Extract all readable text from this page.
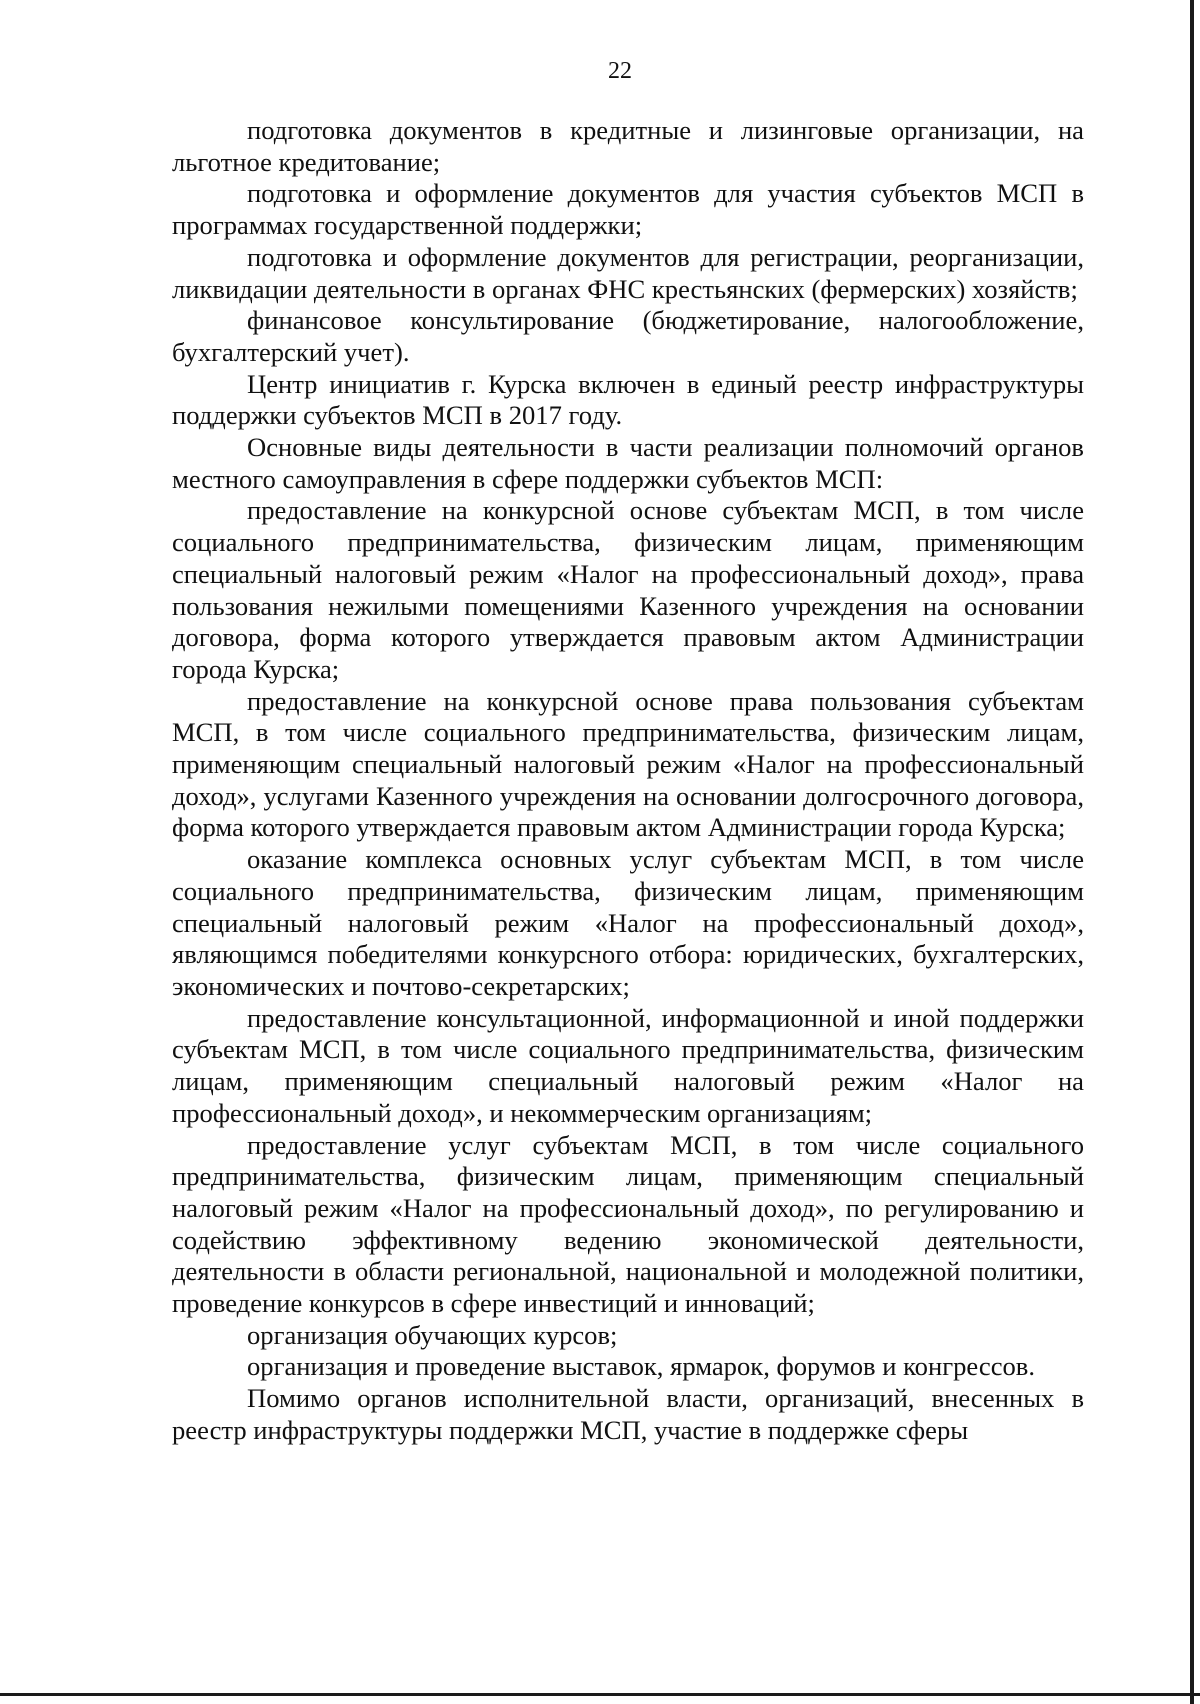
22

подготовка документов в кредитные и лизинговые организации, на льготное кредитование;

подготовка и оформление документов для участия субъектов МСП в программах государственной поддержки;

подготовка и оформление документов для регистрации, реорганизации, ликвидации деятельности в органах ФНС крестьянских (фермерских) хозяйств;

финансовое консультирование (бюджетирование, налогообложение, бухгалтерский учет).

Центр инициатив г. Курска включен в единый реестр инфраструктуры поддержки субъектов МСП в 2017 году.

Основные виды деятельности в части реализации полномочий органов местного самоуправления в сфере поддержки субъектов МСП:

предоставление на конкурсной основе субъектам МСП, в том числе социального предпринимательства, физическим лицам, применяющим специальный налоговый режим «Налог на профессиональный доход», права пользования нежилыми помещениями Казенного учреждения на основании договора, форма которого утверждается правовым актом Администрации города Курска;

предоставление на конкурсной основе права пользования субъектам МСП, в том числе социального предпринимательства, физическим лицам, применяющим специальный налоговый режим «Налог на профессиональный доход», услугами Казенного учреждения на основании долгосрочного договора, форма которого утверждается правовым актом Администрации города Курска;

оказание комплекса основных услуг субъектам МСП, в том числе социального предпринимательства, физическим лицам, применяющим специальный налоговый режим «Налог на профессиональный доход», являющимся победителями конкурсного отбора: юридических, бухгалтерских, экономических и почтово-секретарских;

предоставление консультационной, информационной и иной поддержки субъектам МСП, в том числе социального предпринимательства, физическим лицам, применяющим специальный налоговый режим «Налог на профессиональный доход», и некоммерческим организациям;

предоставление услуг субъектам МСП, в том числе социального предпринимательства, физическим лицам, применяющим специальный налоговый режим «Налог на профессиональный доход», по регулированию и содействию эффективному ведению экономической деятельности, деятельности в области региональной, национальной и молодежной политики, проведение конкурсов в сфере инвестиций и инноваций;

организация обучающих курсов;

организация и проведение выставок, ярмарок, форумов и конгрессов.

Помимо органов исполнительной власти, организаций, внесенных в реестр инфраструктуры поддержки МСП, участие в поддержке сферы
